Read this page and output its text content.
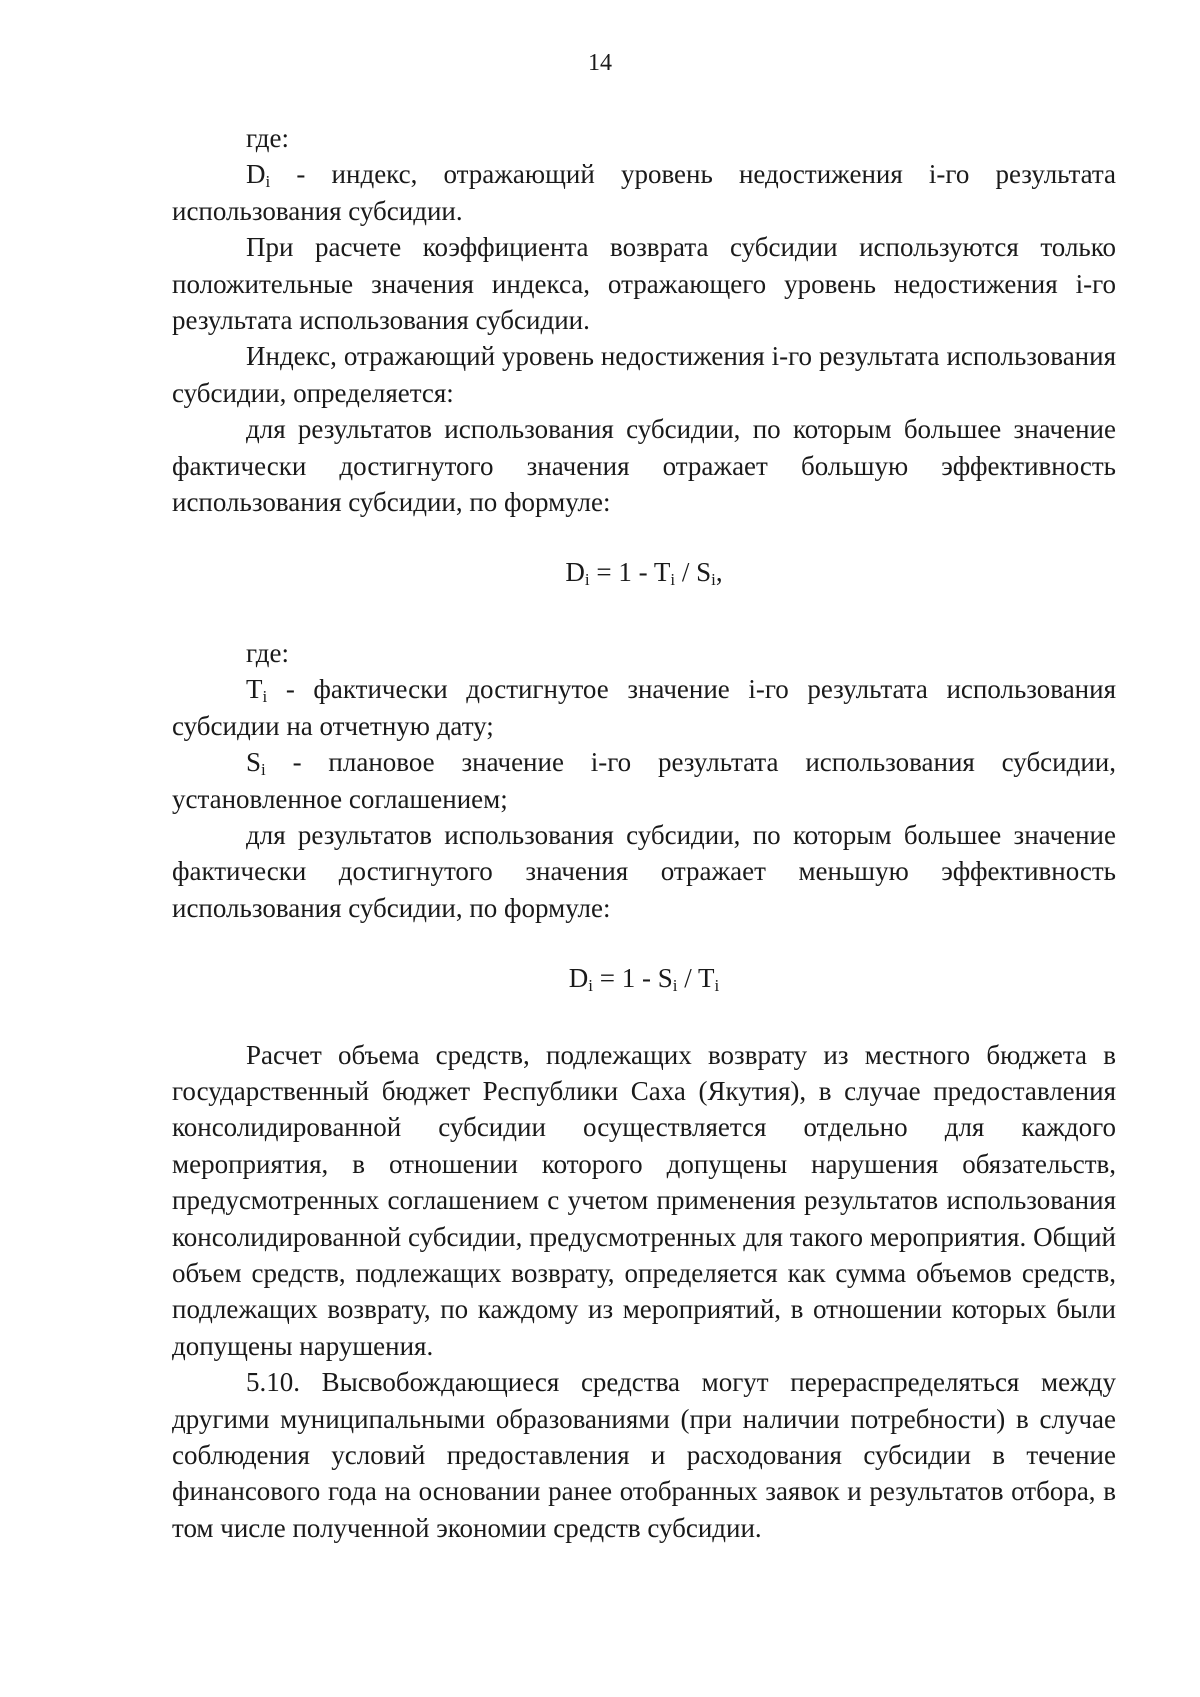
14

где:

$D_i$ - индекс, отражающий уровень недостижения i-го результата использования субсидии.

При расчете коэффициента возврата субсидии используются только положительные значения индекса, отражающего уровень недостижения i-го результата использования субсидии.

Индекс, отражающий уровень недостижения i-го результата использования субсидии, определяется:

для результатов использования субсидии, по которым большее значение фактически достигнутого значения отражает большую эффективность использования субсидии, по формуле:

$D_i = 1 - T_i / S_i$,

где:

$T_i$ - фактически достигнутое значение i-го результата использования субсидии на отчетную дату;

$S_i$ - плановое значение i-го результата использования субсидии, установленное соглашением;

для результатов использования субсидии, по которым большее значение фактически достигнутого значения отражает меньшую эффективность использования субсидии, по формуле:

$D_i = 1 - S_i / T_i$

Расчет объема средств, подлежащих возврату из местного бюджета в государственный бюджет Республики Саха (Якутия), в случае предоставления консолидированной субсидии осуществляется отдельно для каждого мероприятия, в отношении которого допущены нарушения обязательств, предусмотренных соглашением с учетом применения результатов использования консолидированной субсидии, предусмотренных для такого мероприятия. Общий объем средств, подлежащих возврату, определяется как сумма объемов средств, подлежащих возврату, по каждому из мероприятий, в отношении которых были допущены нарушения.

5.10. Высвобождающиеся средства могут перераспределяться между другими муниципальными образованиями (при наличии потребности) в случае соблюдения условий предоставления и расходования субсидии в течение финансового года на основании ранее отобранных заявок и результатов отбора, в том числе полученной экономии средств субсидии.
